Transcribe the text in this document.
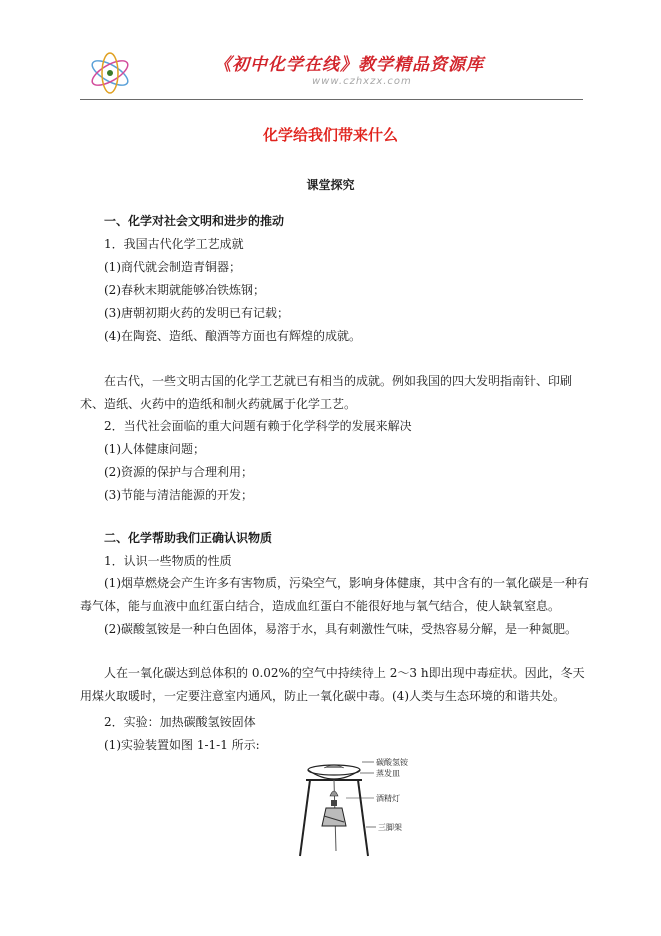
《初中化学在线》教学精品资源库
www.czhxzx.com
化学给我们带来什么
课堂探究
一、化学对社会文明和进步的推动
1．我国古代化学工艺成就
(1)商代就会制造青铜器；
(2)春秋末期就能够冶铁炼钢；
(3)唐朝初期火药的发明已有记载；
(4)在陶瓷、造纸、酿酒等方面也有辉煌的成就。
在古代，一些文明古国的化学工艺就已有相当的成就。例如我国的四大发明指南针、印刷术、造纸、火药中的造纸和制火药就属于化学工艺。
2．当代社会面临的重大问题有赖于化学科学的发展来解决
(1)人体健康问题；
(2)资源的保护与合理利用；
(3)节能与清洁能源的开发；
二、化学帮助我们正确认识物质
1．认识一些物质的性质
(1)烟草燃烧会产生许多有害物质，污染空气，影响身体健康，其中含有的一氧化碳是一种有毒气体，能与血液中血红蛋白结合，造成血红蛋白不能很好地与氧气结合，使人缺氧窒息。
(2)碳酸氢铵是一种白色固体，易溶于水，具有刺激性气味，受热容易分解，是一种氮肥。
人在一氧化碳达到总体积的 0.02%的空气中持续待上 2～3 h即出现中毒症状。因此，冬天用煤火取暖时，一定要注意室内通风，防止一氧化碳中毒。(4)人类与生态环境的和谐共处。
2．实验：加热碳酸氢铵固体
(1)实验装置如图 1-1-1 所示:
碳酸氢铵
蒸发皿
酒精灯
三脚架
